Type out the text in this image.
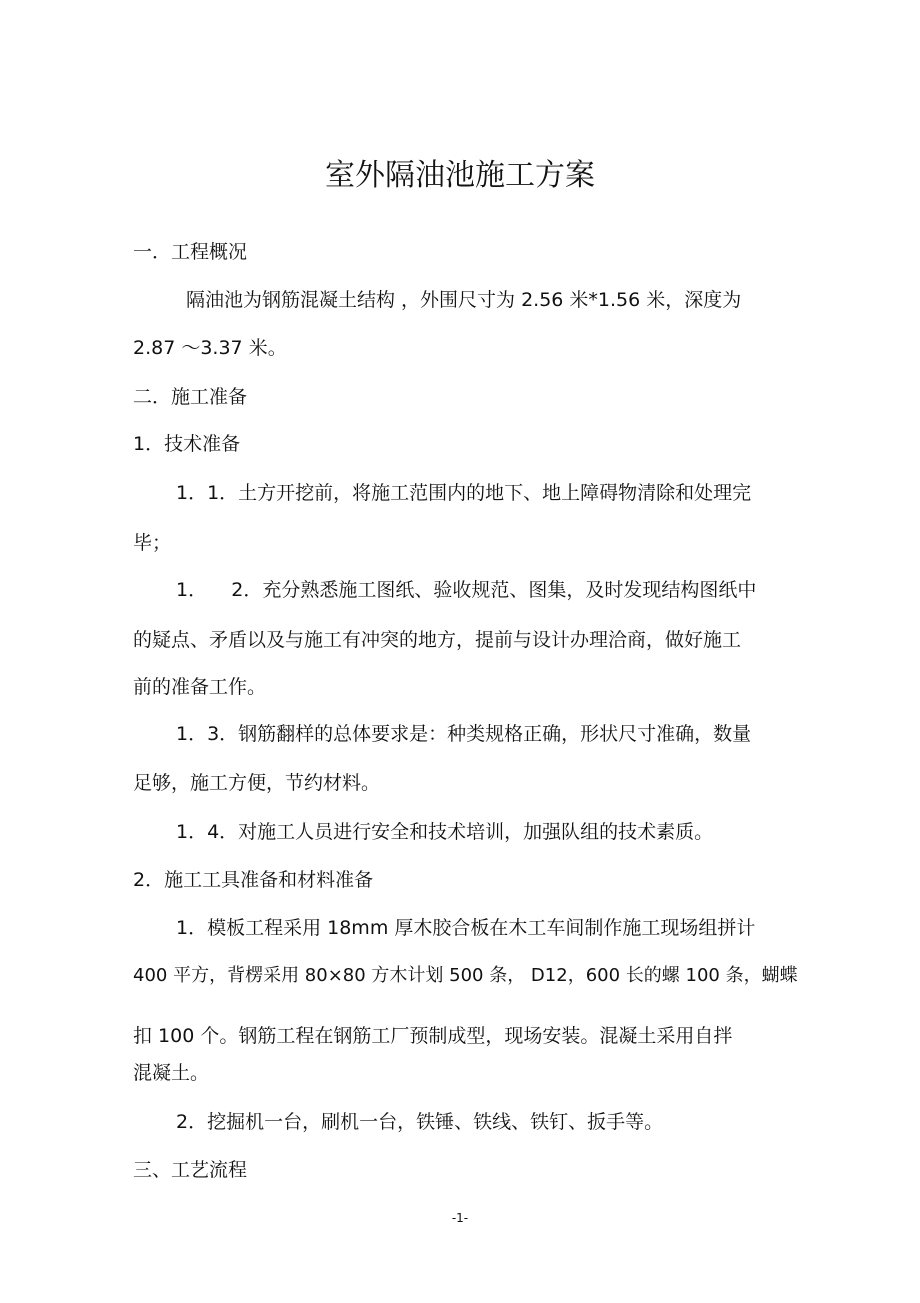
室外隔油池施工方案

一．工程概况

隔油池为钢筋混凝土结构 ，外围尺寸为 2.56 米*1.56 米，深度为

2.87 ～3.37 米。

二．施工准备

1．技术准备

1．1．土方开挖前，将施工范围内的地下、地上障碍物清除和处理完

毕；

1．    2．充分熟悉施工图纸、验收规范、图集，及时发现结构图纸中

的疑点、矛盾以及与施工有冲突的地方，提前与设计办理洽商，做好施工

前的准备工作。

1．3．钢筋翻样的总体要求是：种类规格正确，形状尺寸准确，数量

足够，施工方便，节约材料。

1．4．对施工人员进行安全和技术培训，加强队组的技术素质。

2．施工工具准备和材料准备

1．模板工程采用 18mm 厚木胶合板在木工车间制作施工现场组拼计

400 平方，背楞采用 80×80 方木计划 500 条， D12，600 长的螺 100 条，蝴蝶

扣 100 个。钢筋工程在钢筋工厂预制成型，现场安装。混凝土采用自拌

混凝土。

2．挖掘机一台，刷机一台，铁锤、铁线、铁钉、扳手等。

三、工艺流程

-1-
